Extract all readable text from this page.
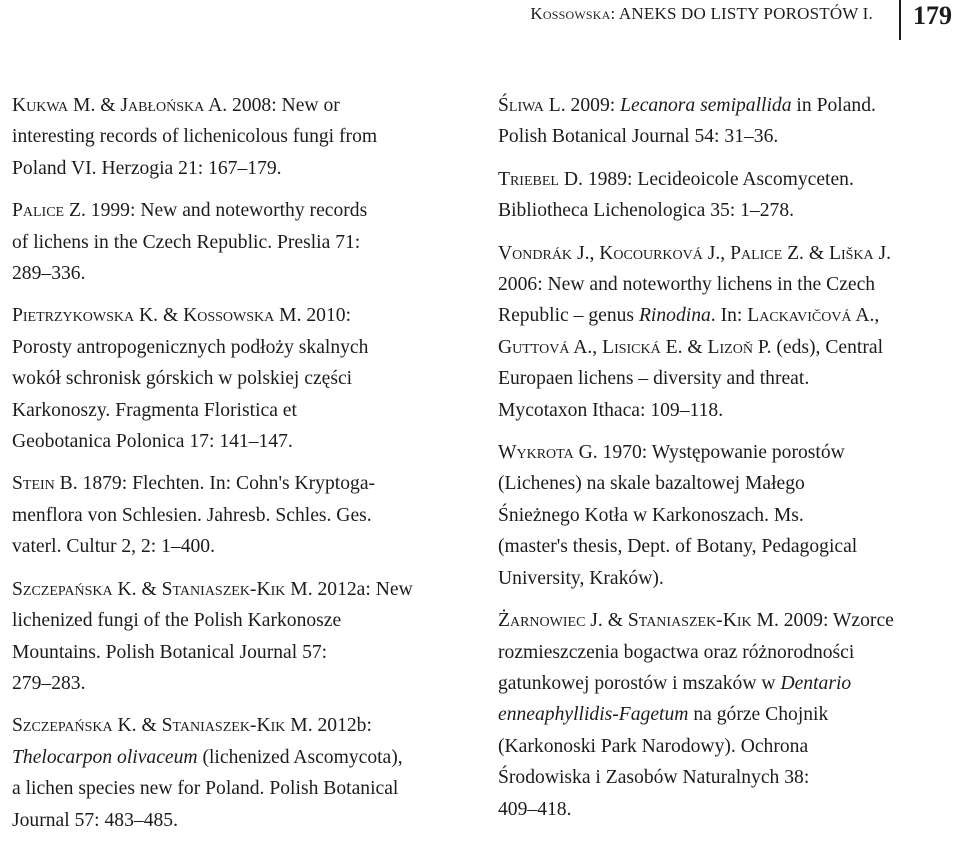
Kossowska: ANEKS DO LISTY POROSTÓW I. 179
Kukwa M. & Jabłońska A. 2008: New or
interesting records of lichenicolous fungi from
Poland VI. Herzogia 21: 167–179.
Palice Z. 1999: New and noteworthy records
of lichens in the Czech Republic. Preslia 71:
289–336.
Pietrzykowska K. & Kossowska M. 2010:
Porosty antropogenicznych podłoży skalnych
wokół schronisk górskich w polskiej części
Karkonoszy. Fragmenta Floristica et
Geobotanica Polonica 17: 141–147.
Stein B. 1879: Flechten. In: Cohn's Kryptoga-
menflora von Schlesien. Jahresb. Schles. Ges.
vaterl. Cultur 2, 2: 1–400.
Szczepańska K. & Staniaszek-Kik M. 2012a: New
lichenized fungi of the Polish Karkonosze
Mountains. Polish Botanical Journal 57:
279–283.
Szczepańska K. & Staniaszek-Kik M. 2012b:
Thelocarpon olivaceum (lichenized Ascomycota),
a lichen species new for Poland. Polish Botanical
Journal 57: 483–485.
Śliwa L. 2009: Lecanora semipallida in Poland.
Polish Botanical Journal 54: 31–36.
Triebel D. 1989: Lecideoicole Ascomyceten.
Bibliotheca Lichenologica 35: 1–278.
Vondrák J., Kocourková J., Palice Z. & Liška J.
2006: New and noteworthy lichens in the Czech
Republic – genus Rinodina. In: Lackavičová A.,
Guttová A., Lisická E. & Lizoň P. (eds), Central
Europaen lichens – diversity and threat.
Mycotaxon Ithaca: 109–118.
Wykrota G. 1970: Występowanie porostów
(Lichenes) na skale bazaltowej Małego
Śnieżnego Kotła w Karkonoszach. Ms.
(master's thesis, Dept. of Botany, Pedagogical
University, Kraków).
Żarnowiec J. & Staniaszek-Kik M. 2009: Wzorce
rozmieszczenia bogactwa oraz różnorodności
gatunkowej porostów i mszaków w Dentario
enneaphyllidis-Fagetum na górze Chojnik
(Karkonoski Park Narodowy). Ochrona
Środowiska i Zasobów Naturalnych 38:
409–418.
